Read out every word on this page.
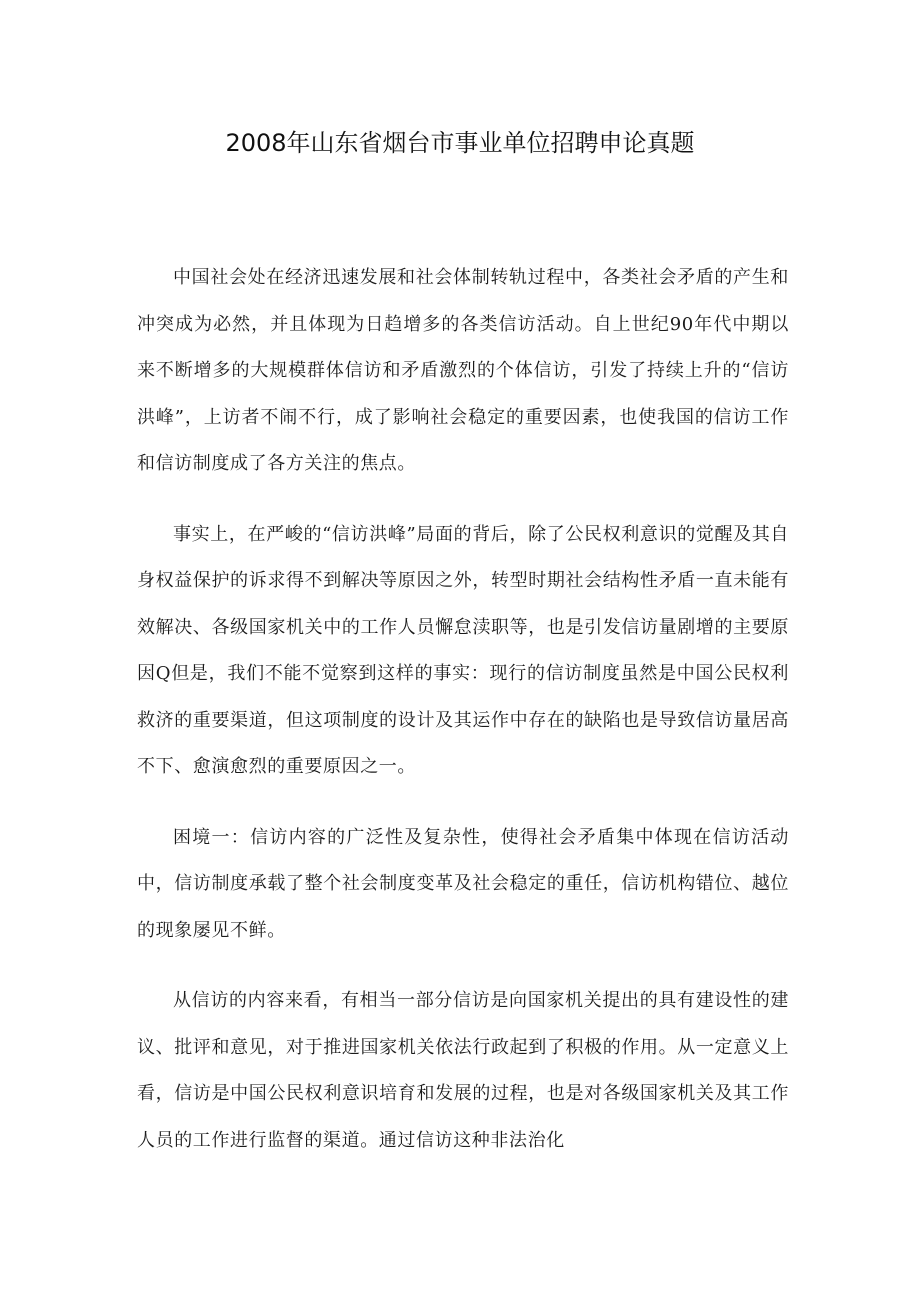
2008年山东省烟台市事业单位招聘申论真题

中国社会处在经济迅速发展和社会体制转轨过程中，各类社会矛盾的产生和冲突成为必然，并且体现为日趋增多的各类信访活动。自上世纪90年代中期以来不断增多的大规模群体信访和矛盾激烈的个体信访，引发了持续上升的“信访洪峰”，上访者不闹不行，成了影响社会稳定的重要因素，也使我国的信访工作和信访制度成了各方关注的焦点。

事实上，在严峻的“信访洪峰”局面的背后，除了公民权利意识的觉醒及其自身权益保护的诉求得不到解决等原因之外，转型时期社会结构性矛盾一直未能有效解决、各级国家机关中的工作人员懈怠渎职等，也是引发信访量剧增的主要原因Q但是，我们不能不觉察到这样的事实：现行的信访制度虽然是中国公民权利救济的重要渠道，但这项制度的设计及其运作中存在的缺陷也是导致信访量居高不下、愈演愈烈的重要原因之一。

困境一：信访内容的广泛性及复杂性，使得社会矛盾集中体现在信访活动中，信访制度承载了整个社会制度变革及社会稳定的重任，信访机构错位、越位的现象屡见不鲜。

从信访的内容来看，有相当一部分信访是向国家机关提出的具有建设性的建议、批评和意见，对于推进国家机关依法行政起到了积极的作用。从一定意义上看，信访是中国公民权利意识培育和发展的过程，也是对各级国家机关及其工作人员的工作进行监督的渠道。通过信访这种非法治化
